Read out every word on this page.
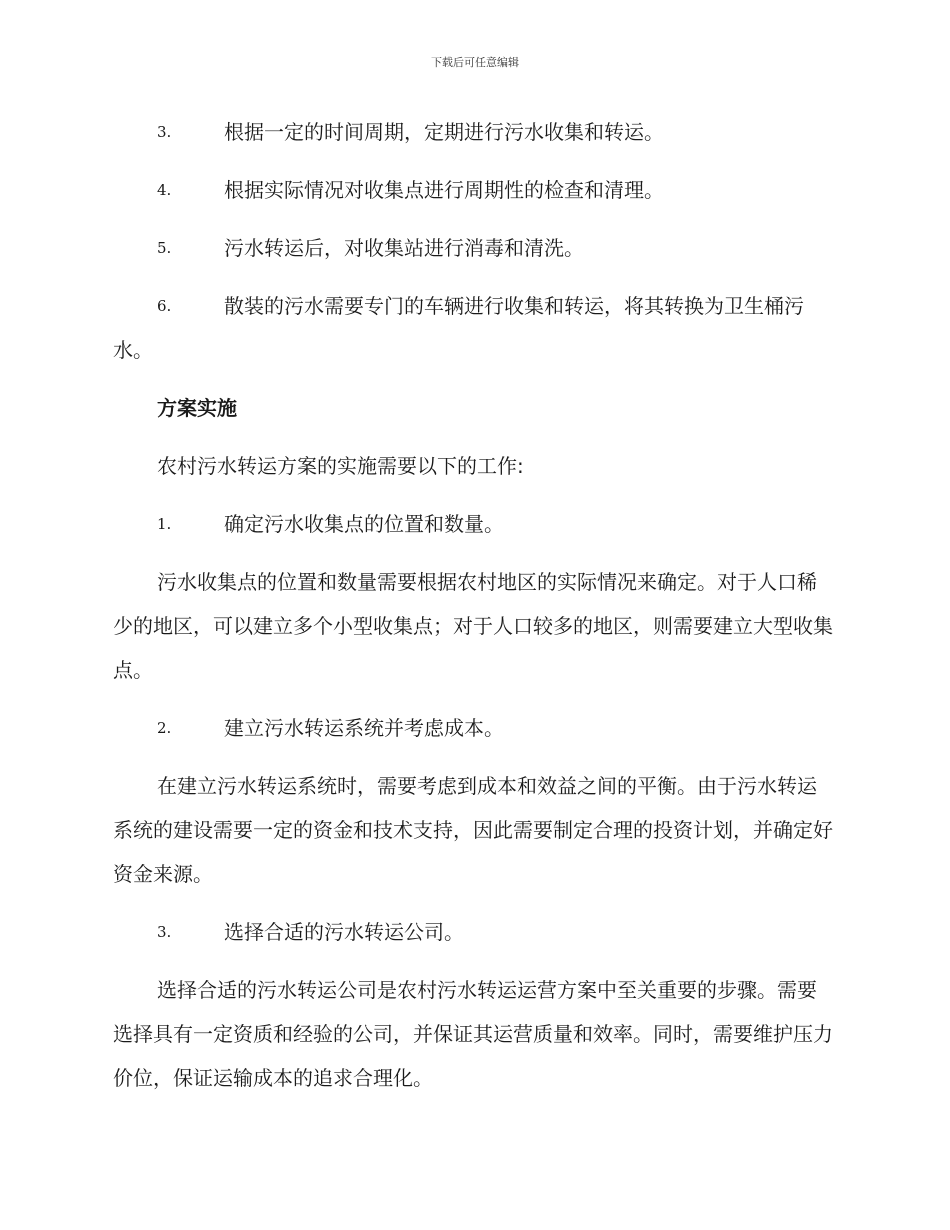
下载后可任意编辑
3.	根据一定的时间周期，定期进行污水收集和转运。
4.	根据实际情况对收集点进行周期性的检查和清理。
5.	污水转运后，对收集站进行消毒和清洗。
6.	散装的污水需要专门的车辆进行收集和转运，将其转换为卫生桶污水。
方案实施
农村污水转运方案的实施需要以下的工作:
1.	确定污水收集点的位置和数量。
污水收集点的位置和数量需要根据农村地区的实际情况来确定。对于人口稀少的地区，可以建立多个小型收集点；对于人口较多的地区，则需要建立大型收集点。
2.	建立污水转运系统并考虑成本。
在建立污水转运系统时，需要考虑到成本和效益之间的平衡。由于污水转运系统的建设需要一定的资金和技术支持，因此需要制定合理的投资计划，并确定好资金来源。
3.	选择合适的污水转运公司。
选择合适的污水转运公司是农村污水转运运营方案中至关重要的步骤。需要选择具有一定资质和经验的公司，并保证其运营质量和效率。同时，需要维护压力价位，保证运输成本的追求合理化。
